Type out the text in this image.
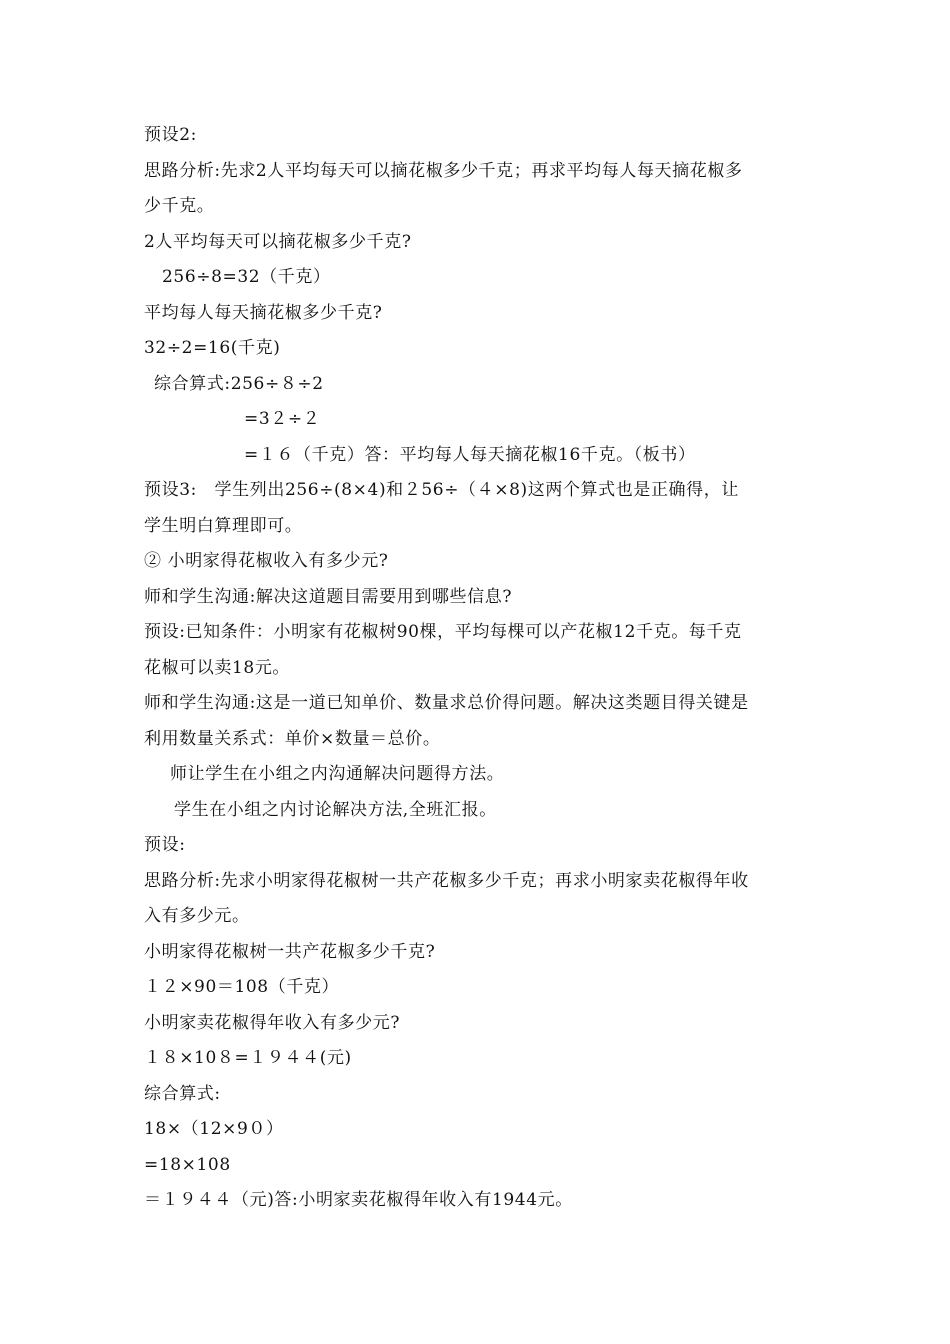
预设2:
思路分析:先求2人平均每天可以摘花椒多少千克；再求平均每人每天摘花椒多
少千克。
2人平均每天可以摘花椒多少千克?
256÷8=32（千克）
平均每人每天摘花椒多少千克?
32÷2=16(千克)
综合算式:256÷８÷2
=3２÷２
=１６（千克）答：平均每人每天摘花椒16千克。（板书）
预设3:　学生列出256÷(8×4)和２56÷（４×8)这两个算式也是正确得，让
学生明白算理即可。
② 小明家得花椒收入有多少元?
师和学生沟通:解决这道题目需要用到哪些信息?
预设:已知条件：小明家有花椒树90棵，平均每棵可以产花椒12千克。每千克
花椒可以卖18元。
师和学生沟通:这是一道已知单价、数量求总价得问题。解决这类题目得关键是
利用数量关系式：单价×数量＝总价。
师让学生在小组之内沟通解决问题得方法。
学生在小组之内讨论解决方法,全班汇报。
预设:
思路分析:先求小明家得花椒树一共产花椒多少千克；再求小明家卖花椒得年收
入有多少元。
小明家得花椒树一共产花椒多少千克?
１２×90＝108（千克）
小明家卖花椒得年收入有多少元?
１８×10８=１９４４(元)
综合算式:
18×（12×9０）
=18×108
＝１９４４（元)答:小明家卖花椒得年收入有1944元。
